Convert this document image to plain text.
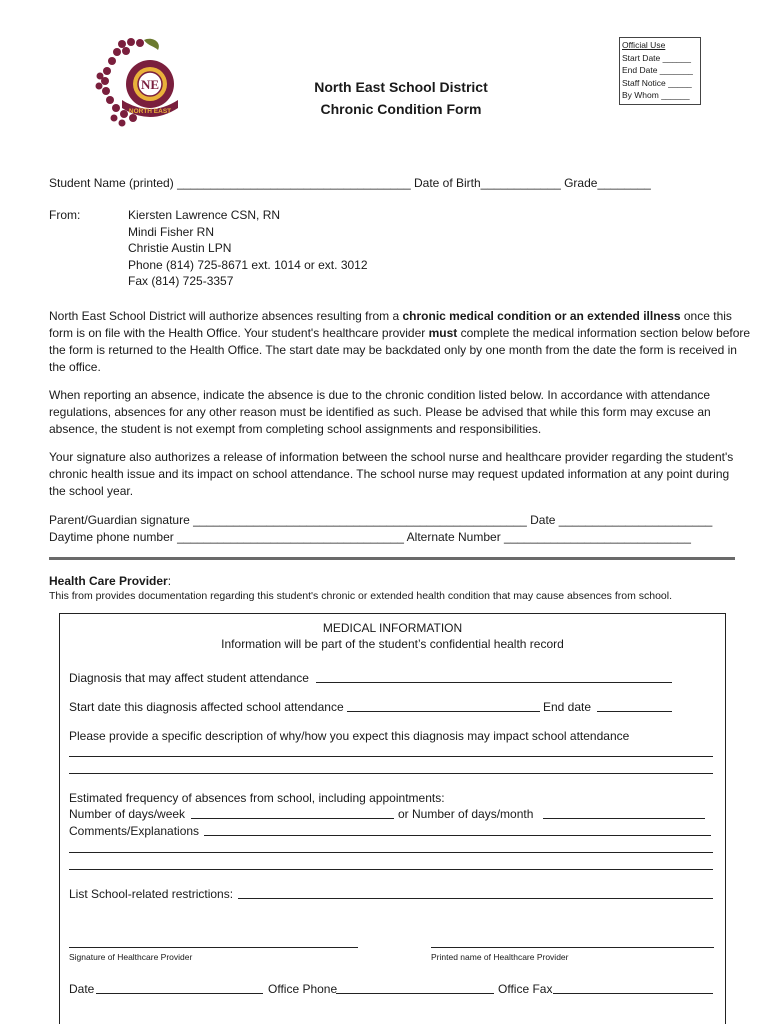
NE
NORTH EAST
North East School District
Chronic Condition Form
Official Use
Start Date ______
End Date _______
Staff Notice _____
By Whom ______
Student Name (printed) ___________________________________ Date of Birth____________ Grade________
From:	Kiersten Lawrence CSN, RN
Mindi Fisher RN
Christie Austin LPN
Phone (814) 725-8671 ext. 1014 or ext. 3012
Fax (814) 725-3357
North East School District will authorize absences resulting from a chronic medical condition or an extended illness once this form is on file with the Health Office. Your student's healthcare provider must complete the medical information section below before the form is returned to the Health Office. The start date may be backdated only by one month from the date the form is received in the office.
When reporting an absence, indicate the absence is due to the chronic condition listed below. In accordance with attendance regulations, absences for any other reason must be identified as such. Please be advised that while this form may excuse an absence, the student is not exempt from completing school assignments and responsibilities.
Your signature also authorizes a release of information between the school nurse and healthcare provider regarding the student's chronic health issue and its impact on school attendance. The school nurse may request updated information at any point during the school year.
Parent/Guardian signature __________________________________________________ Date _______________________
Daytime phone number __________________________________ Alternate Number ____________________________
Health Care Provider:
This from provides documentation regarding this student's chronic or extended health condition that may cause absences from school.
MEDICAL INFORMATION
Information will be part of the student’s confidential health record
Diagnosis that may affect student attendance
Start date this diagnosis affected school attendance	End date
Please provide a specific description of why/how you expect this diagnosis may impact school attendance
Estimated frequency of absences from school, including appointments:
Number of days/week	or Number of days/month
Comments/Explanations
List School-related restrictions:
Signature of Healthcare Provider	Printed name of Healthcare Provider
Date	Office Phone	Office Fax
